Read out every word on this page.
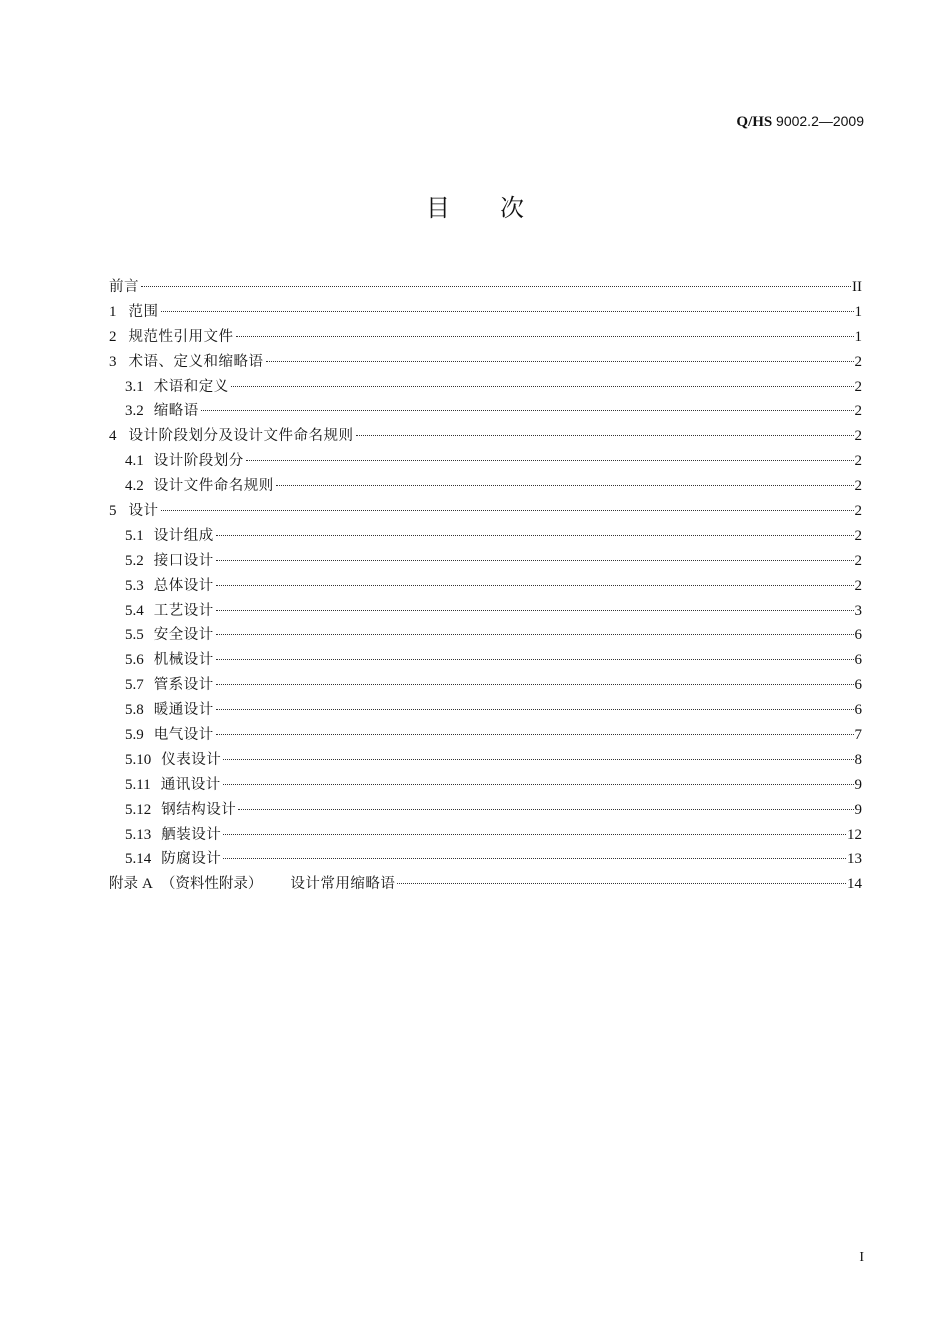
Q/HS 9002.2—2009
目 次
前言	II
1 范围	1
2 规范性引用文件	1
3 术语、定义和缩略语	2
3.1 术语和定义	2
3.2 缩略语	2
4 设计阶段划分及设计文件命名规则	2
4.1 设计阶段划分	2
4.2 设计文件命名规则	2
5 设计	2
5.1 设计组成	2
5.2 接口设计	2
5.3 总体设计	2
5.4 工艺设计	3
5.5 安全设计	6
5.6 机械设计	6
5.7 管系设计	6
5.8 暖通设计	6
5.9 电气设计	7
5.10 仪表设计	8
5.11 通讯设计	9
5.12 钢结构设计	9
5.13 舾装设计	12
5.14 防腐设计	13
附录 A （资料性附录） 设计常用缩略语	14
I
